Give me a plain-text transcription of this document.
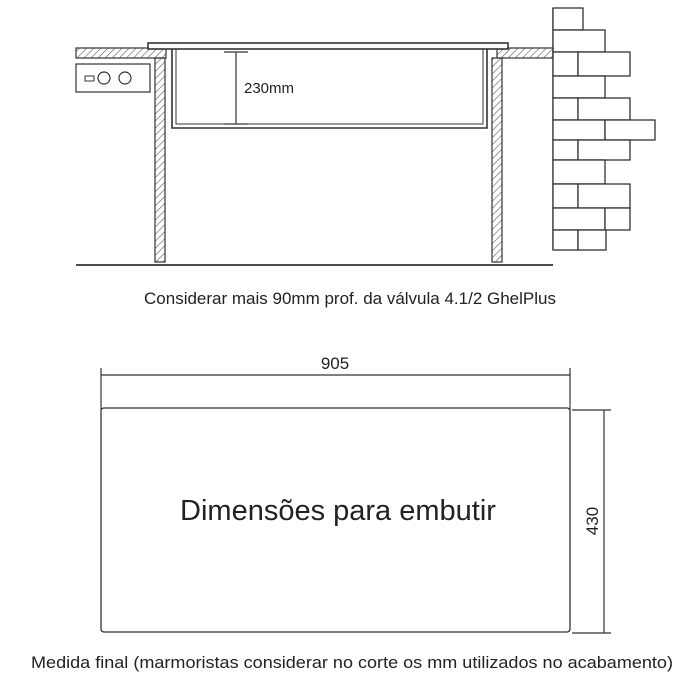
230mm
Considerar mais 90mm prof. da válvula 4.1/2 GhelPlus
905
Dimensões para embutir	430
Medida final (marmoristas considerar no corte os mm utilizados no acabamento)
